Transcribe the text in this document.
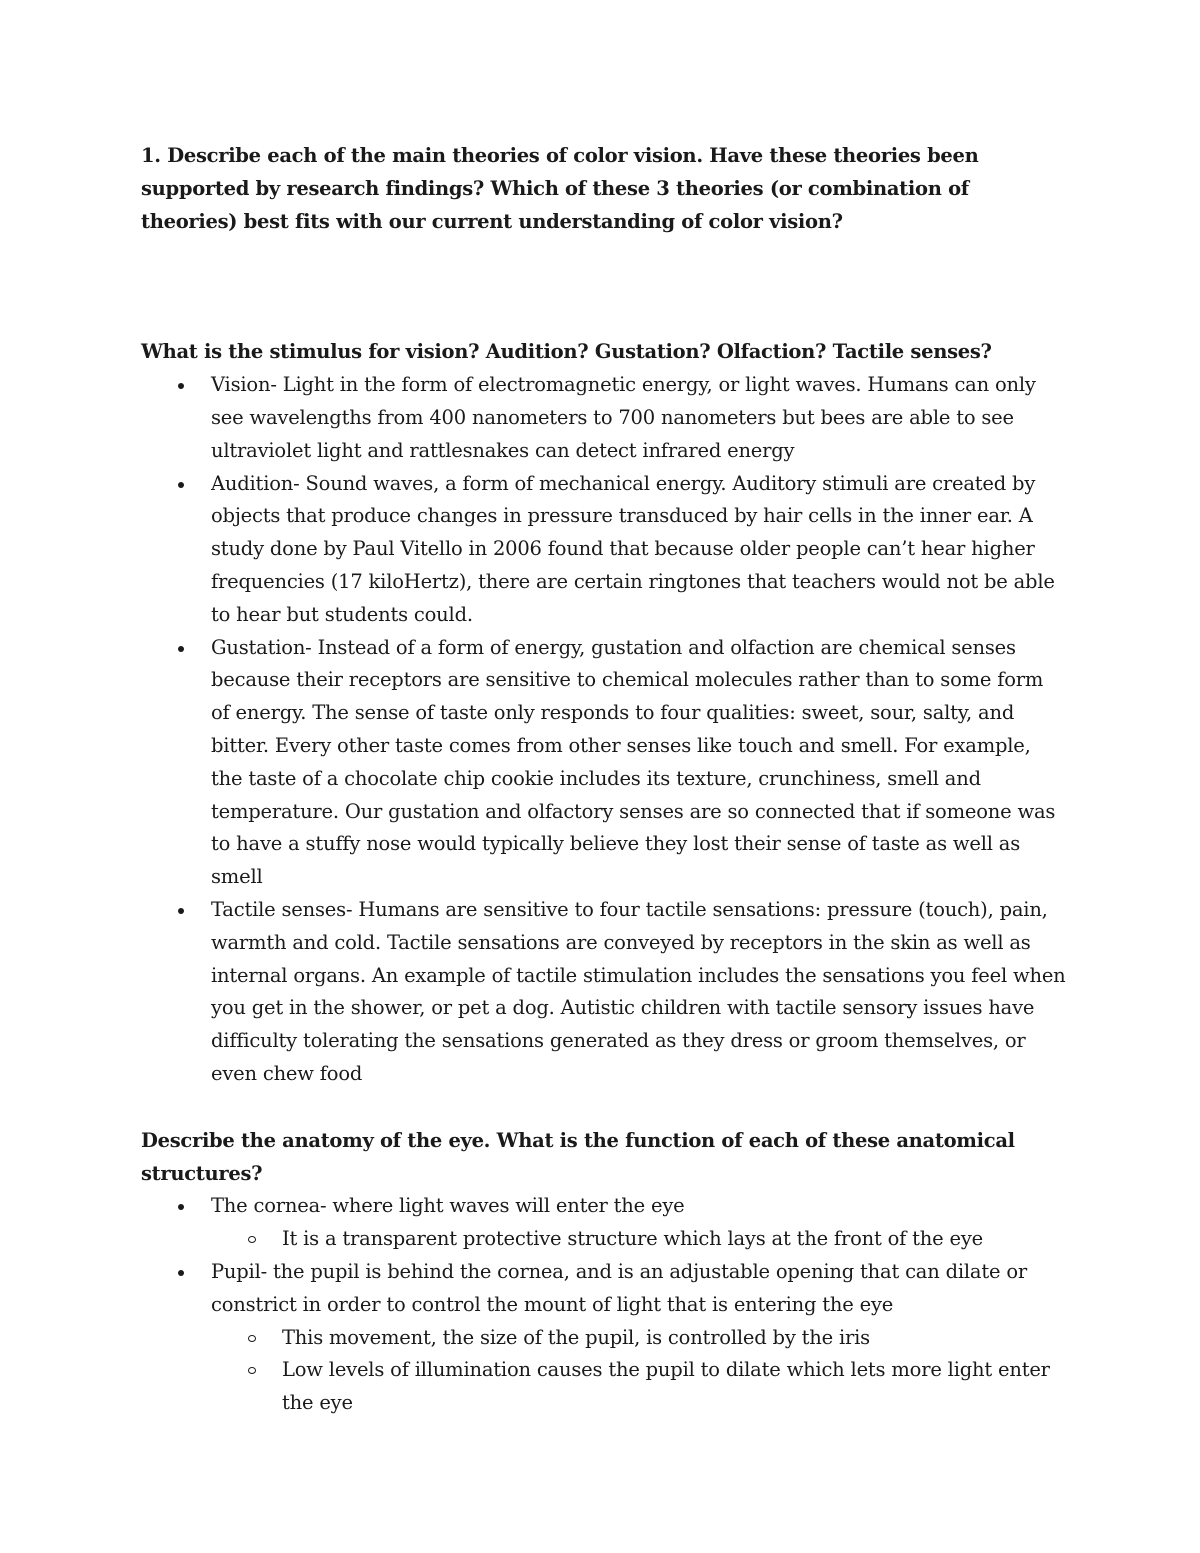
1. Describe each of the main theories of color vision. Have these theories been supported by research findings? Which of these 3 theories (or combination of theories) best fits with our current understanding of color vision?

What is the stimulus for vision? Audition? Gustation? Olfaction? Tactile senses?

Vision- Light in the form of electromagnetic energy, or light waves. Humans can only see wavelengths from 400 nanometers to 700 nanometers but bees are able to see ultraviolet light and rattlesnakes can detect infrared energy
Audition- Sound waves, a form of mechanical energy. Auditory stimuli are created by objects that produce changes in pressure transduced by hair cells in the inner ear. A study done by Paul Vitello in 2006 found that because older people can’t hear higher frequencies (17 kiloHertz), there are certain ringtones that teachers would not be able to hear but students could.
Gustation- Instead of a form of energy, gustation and olfaction are chemical senses because their receptors are sensitive to chemical molecules rather than to some form of energy. The sense of taste only responds to four qualities: sweet, sour, salty, and bitter. Every other taste comes from other senses like touch and smell. For example, the taste of a chocolate chip cookie includes its texture, crunchiness, smell and temperature. Our gustation and olfactory senses are so connected that if someone was to have a stuffy nose would typically believe they lost their sense of taste as well as smell
Tactile senses- Humans are sensitive to four tactile sensations: pressure (touch), pain, warmth and cold. Tactile sensations are conveyed by receptors in the skin as well as internal organs. An example of tactile stimulation includes the sensations you feel when you get in the shower, or pet a dog. Autistic children with tactile sensory issues have difficulty tolerating the sensations generated as they dress or groom themselves, or even chew food

Describe the anatomy of the eye. What is the function of each of these anatomical structures?

The cornea- where light waves will enter the eye
It is a transparent protective structure which lays at the front of the eye
Pupil- the pupil is behind the cornea, and is an adjustable opening that can dilate or constrict in order to control the mount of light that is entering the eye
This movement, the size of the pupil, is controlled by the iris
Low levels of illumination causes the pupil to dilate which lets more light enter the eye
